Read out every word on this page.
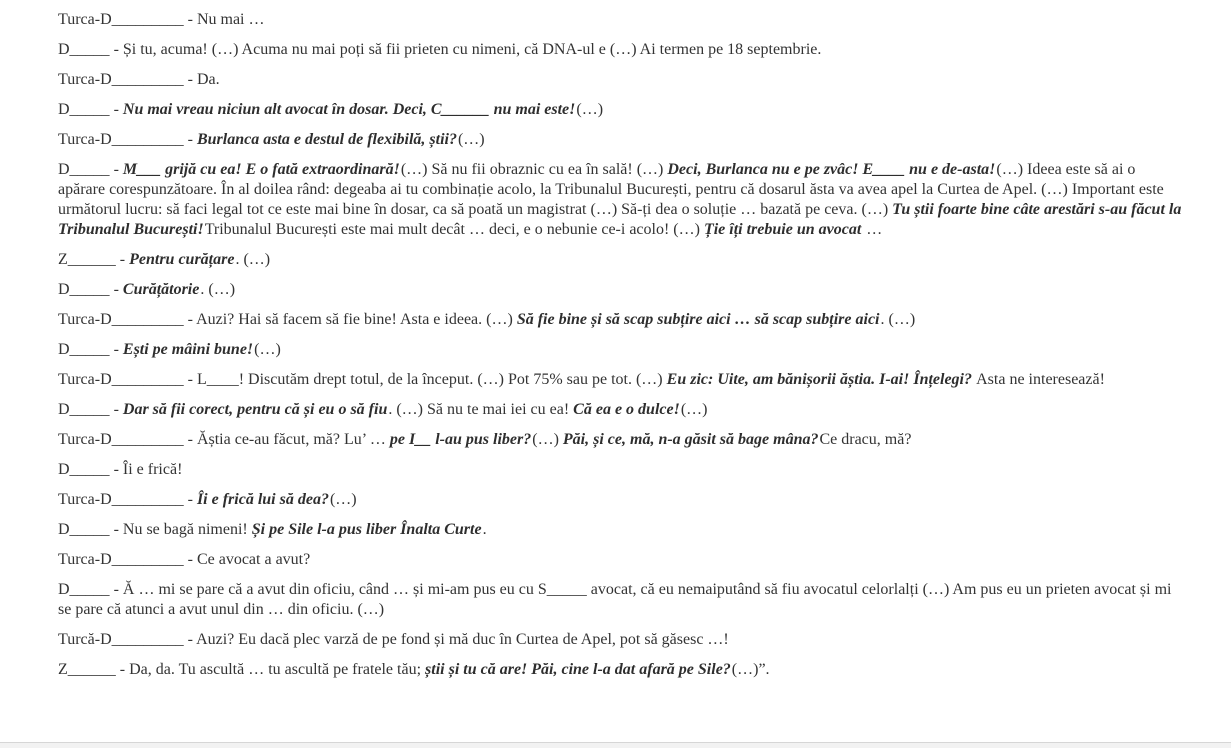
Turca-D_________ - Nu mai …

D_____ - Și tu, acuma! (…) Acuma nu mai poți să fii prieten cu nimeni, că DNA-ul e (…) Ai termen pe 18 septembrie.

Turca-D_________ - Da.

D_____ - Nu mai vreau niciun alt avocat în dosar. Deci, C______ nu mai este!(…)

Turca-D_________ - Burlanca asta e destul de flexibilă, știi?(…)

D_____ - M___ grijă cu ea! E o fată extraordinară!(…) Să nu fii obraznic cu ea în sală! (…) Deci, Burlanca nu e pe zvâc! E____ nu e de-asta!(…) Ideea este să ai o apărare corespunzătoare. În al doilea rând: degeaba ai tu combinație acolo, la Tribunalul București, pentru că dosarul ăsta va avea apel la Curtea de Apel. (…) Important este următorul lucru: să faci legal tot ce este mai bine în dosar, ca să poată un magistrat (…) Să-ți dea o soluție … bazată pe ceva. (…) Tu știi foarte bine câte arestări s-au făcut la Tribunalul București!Tribunalul București este mai mult decât … deci, e o nebunie ce-i acolo! (…) Ție îți trebuie un avocat …

Z______ - Pentru curățare. (…)

D_____ - Curățătorie. (…)

Turca-D_________ - Auzi? Hai să facem să fie bine! Asta e ideea. (…) Să fie bine și să scap subțire aici … să scap subțire aici. (…)

D_____ - Ești pe mâini bune!(…)

Turca-D_________ - L____! Discutăm drept totul, de la început. (…) Pot 75% sau pe tot. (…) Eu zic: Uite, am bănișorii ăștia. I-ai! Înțelegi? Asta ne interesează!

D_____ - Dar să fii corect, pentru că și eu o să fiu. (…) Să nu te mai iei cu ea! Că ea e o dulce!(…)

Turca-D_________ - Ăștia ce-au făcut, mă? Lu’ … pe I__ l-au pus liber?(…) Păi, și ce, mă, n-a găsit să bage mâna?Ce dracu, mă?

D_____ - Îi e frică!

Turca-D_________ - Îi e frică lui să dea?(…)

D_____ - Nu se bagă nimeni! Și pe Sile l-a pus liber Înalta Curte.

Turca-D_________ - Ce avocat a avut?

D_____ - Ă … mi se pare că a avut din oficiu, când … și mi-am pus eu cu S_____ avocat, că eu nemaiputând să fiu avocatul celorlalți (…) Am pus eu un prieten avocat și mi se pare că atunci a avut unul din … din oficiu. (…)

Turcă-D_________ - Auzi? Eu dacă plec varză de pe fond și mă duc în Curtea de Apel, pot să găsesc …!

Z______ - Da, da. Tu ascultă … tu ascultă pe fratele tău; știi și tu că are! Păi, cine l-a dat afară pe Sile?(…)”.
